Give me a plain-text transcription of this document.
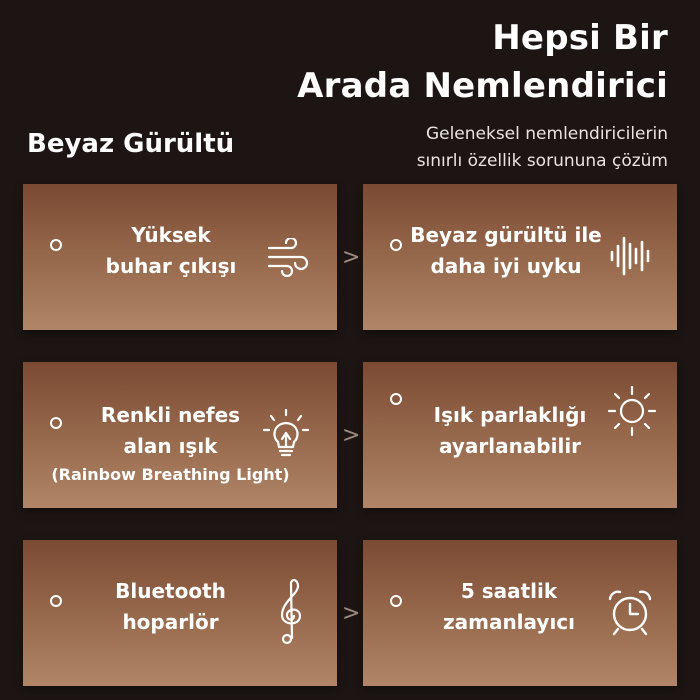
Hepsi Bir
Arada Nemlendirici
Beyaz Gürültü	Geleneksel nemlendiricilerin
sınırlı özellik sorununa çözüm
Yüksek
buhar çıkışı	>
Beyaz gürültü ile
daha iyi uyku
Renkli nefes
alan ışık
(Rainbow Breathing Light)
>
Işık parlaklığı
ayarlanabilir
Bluetooth
hoparlör	>
5 saatlik
zamanlayıcı
